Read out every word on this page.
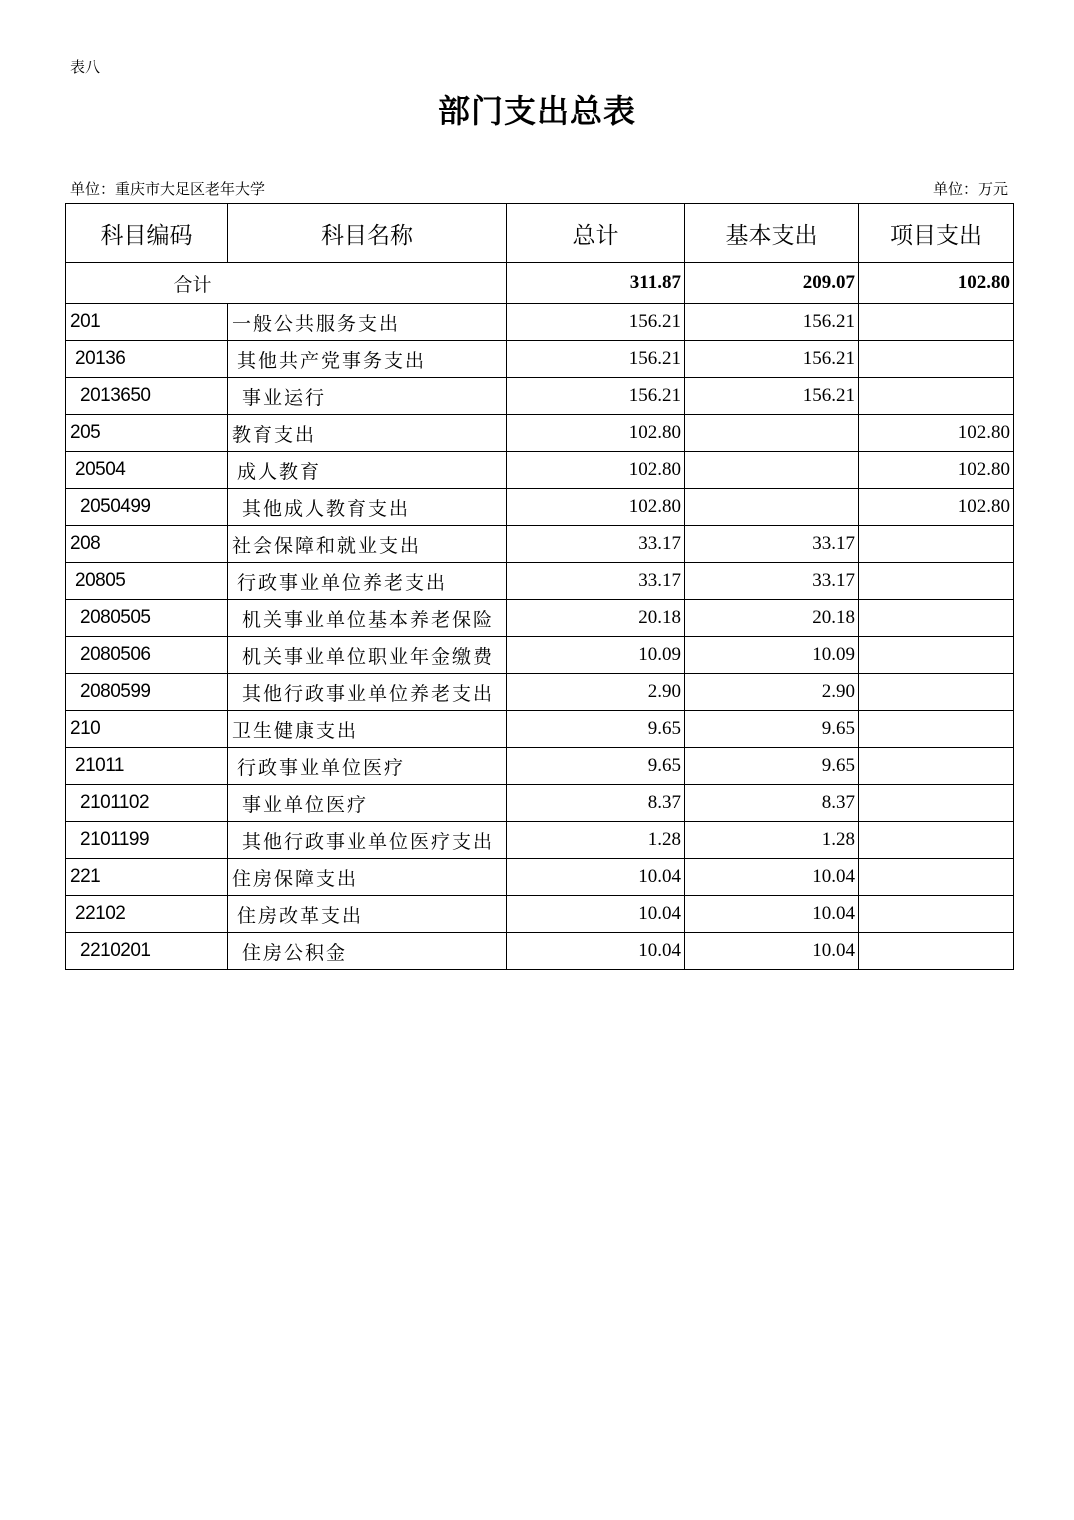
表八
部门支出总表
单位：重庆市大足区老年大学	单位：万元
科目编码	科目名称	总计	基本支出	项目支出
合计		311.87	209.07	102.80
201	一般公共服务支出	156.21	156.21	
20136	其他共产党事务支出	156.21	156.21	
2013650	事业运行	156.21	156.21	
205	教育支出	102.80		102.80
20504	成人教育	102.80		102.80
2050499	其他成人教育支出	102.80		102.80
208	社会保障和就业支出	33.17	33.17	
20805	行政事业单位养老支出	33.17	33.17	
2080505	机关事业单位基本养老保险	20.18	20.18	
2080506	机关事业单位职业年金缴费	10.09	10.09	
2080599	其他行政事业单位养老支出	2.90	2.90	
210	卫生健康支出	9.65	9.65	
21011	行政事业单位医疗	9.65	9.65	
2101102	事业单位医疗	8.37	8.37	
2101199	其他行政事业单位医疗支出	1.28	1.28	
221	住房保障支出	10.04	10.04	
22102	住房改革支出	10.04	10.04	
2210201	住房公积金	10.04	10.04	
